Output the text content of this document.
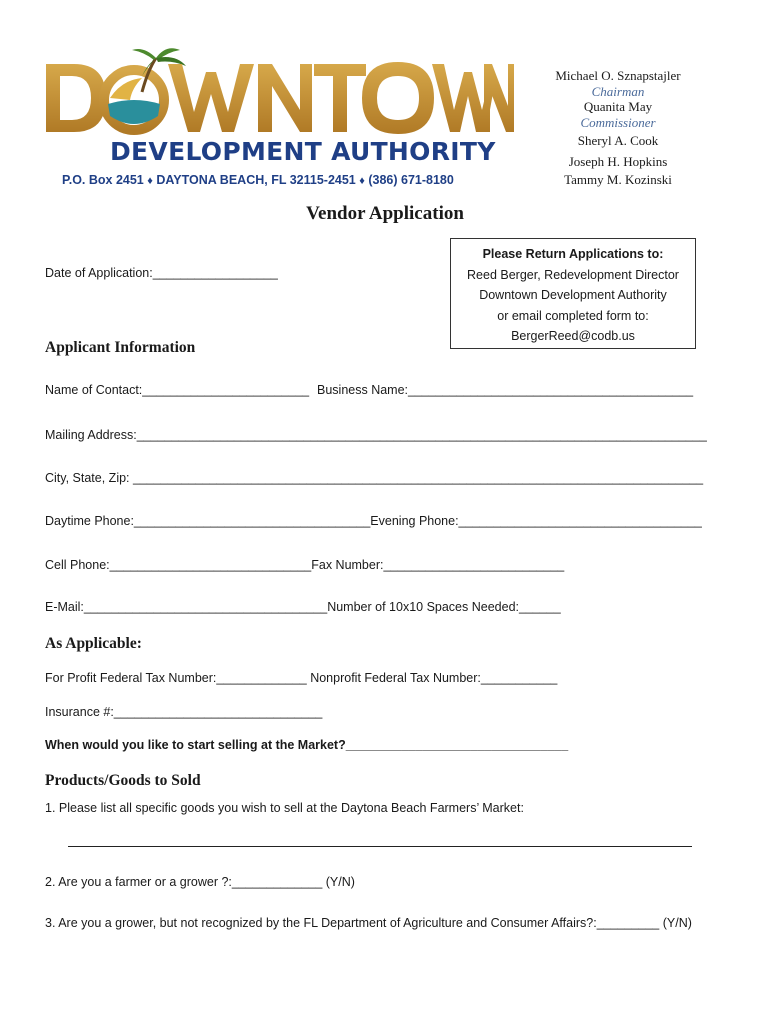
DEVELOPMENT AUTHORITY
P.O. Box 2451 ♦ DAYTONA BEACH, FL 32115-2451 ♦ (386) 671-8180
Michael O. Sznapstajler
Chairman
Quanita May
Commissioner
Sheryl A. Cook
Joseph H. Hopkins
Tammy M. Kozinski
Vendor Application
Please Return Applications to:
Reed Berger, Redevelopment Director
Downtown Development Authority
or email completed form to:
BergerReed@codb.us
Date of Application:__________________
Applicant Information
Name of Contact:________________________ Business Name:_________________________________________
Mailing Address:__________________________________________________________________________________
City, State, Zip: __________________________________________________________________________________
Daytime Phone:__________________________________Evening Phone:___________________________________
Cell Phone:_____________________________Fax Number:__________________________
E-Mail:___________________________________Number of 10x10 Spaces Needed:______
As Applicable:
For Profit Federal Tax Number:_____________ Nonprofit Federal Tax Number:___________
Insurance #:______________________________
When would you like to start selling at the Market?________________________________
Products/Goods to Sold
1. Please list all specific goods you wish to sell at the Daytona Beach Farmers’ Market:
2. Are you a farmer or a grower ?:_____________ (Y/N)
3. Are you a grower, but not recognized by the FL Department of Agriculture and Consumer Affairs?:_________ (Y/N)
